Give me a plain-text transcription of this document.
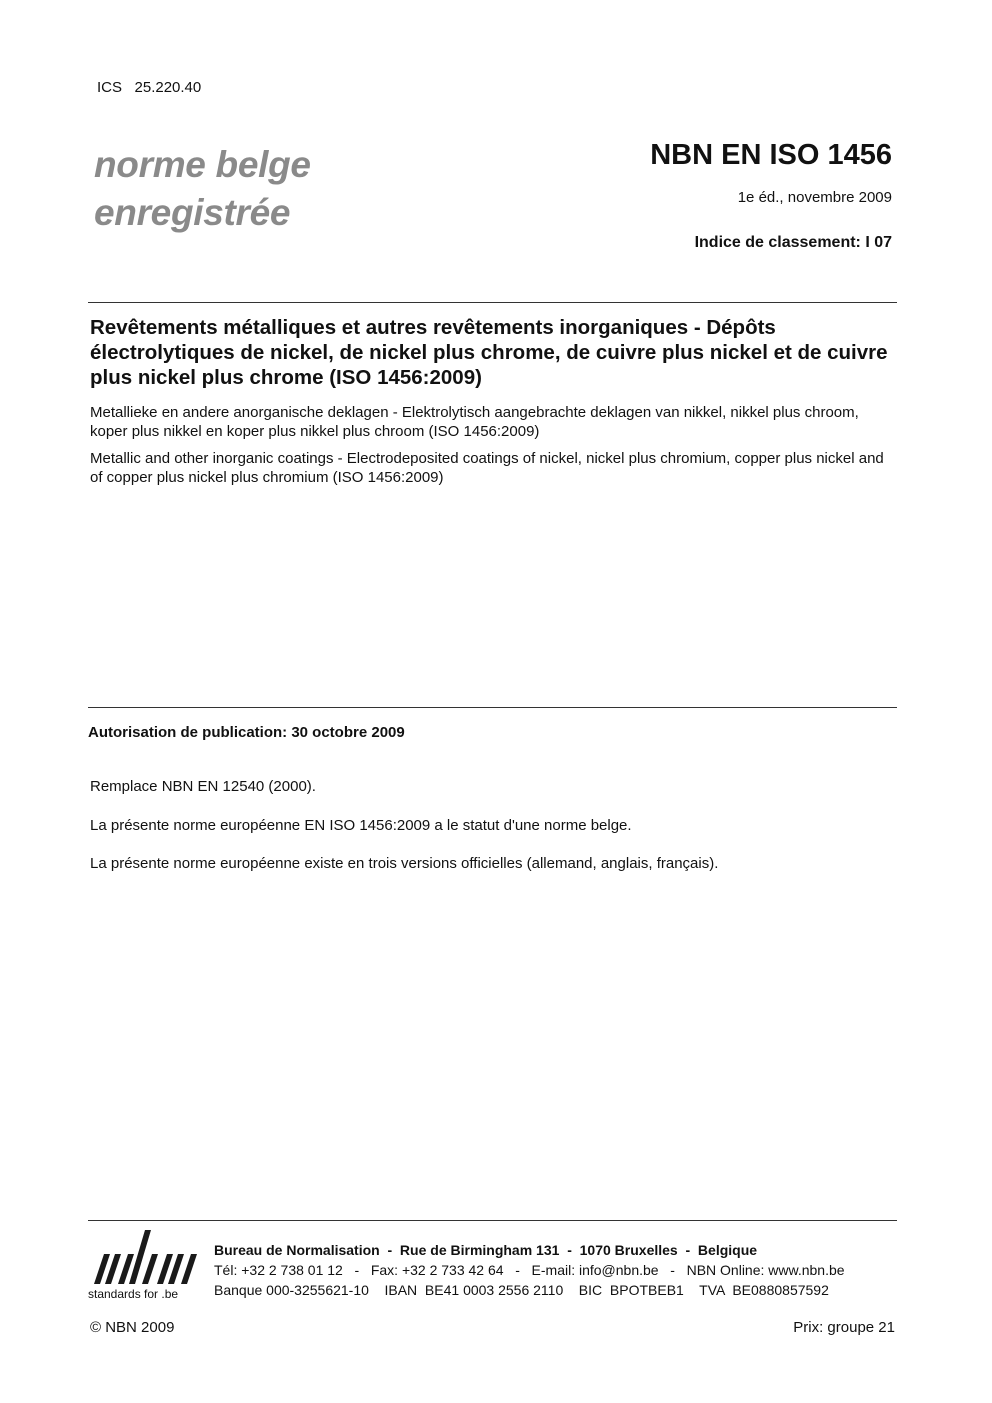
ICS   25.220.40
norme belge
enregistrée
NBN EN ISO 1456
1e éd., novembre 2009
Indice de classement: I 07
Revêtements métalliques et autres revêtements inorganiques - Dépôts électrolytiques de nickel, de nickel plus chrome, de cuivre plus nickel et de cuivre plus nickel plus chrome (ISO 1456:2009)
Metallieke en andere anorganische deklagen - Elektrolytisch aangebrachte deklagen van nikkel, nikkel plus chroom, koper plus nikkel en koper plus nikkel plus chroom (ISO 1456:2009)
Metallic and other inorganic coatings - Electrodeposited coatings of nickel, nickel plus chromium, copper plus nickel and of copper plus nickel plus chromium (ISO 1456:2009)
Autorisation de publication: 30 octobre 2009
Remplace NBN EN 12540 (2000).
La présente norme européenne EN ISO 1456:2009 a le statut d'une norme belge.
La présente norme européenne existe en trois versions officielles (allemand, anglais, français).
standards for .be
Bureau de Normalisation  -  Rue de Birmingham 131  -  1070 Bruxelles  -  Belgique
Tél: +32 2 738 01 12   -   Fax: +32 2 733 42 64   -   E-mail: info@nbn.be   -   NBN Online: www.nbn.be
Banque 000-3255621-10    IBAN  BE41 0003 2556 2110    BIC  BPOTBEB1    TVA  BE0880857592
© NBN 2009	Prix: groupe 21
